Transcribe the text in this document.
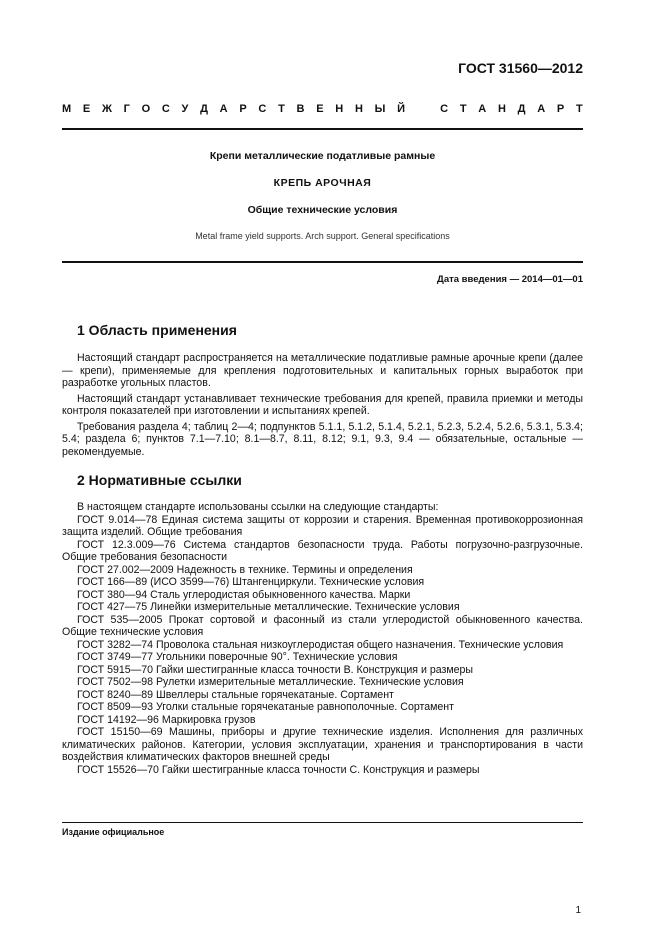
ГОСТ 31560—2012
М Е Ж Г О С У Д А Р С Т В Е Н Н Ы Й	С Т А Н Д А Р Т
Крепи металлические податливые рамные
КРЕПЬ АРОЧНАЯ
Общие технические условия
Metal frame yield supports. Arch support. General specifications
Дата введения — 2014—01—01
1 Область применения

Настоящий стандарт распространяется на металлические податливые рамные арочные крепи (далее — крепи), применяемые для крепления подготовительных и капитальных горных выработок при разработке угольных пластов.

Настоящий стандарт устанавливает технические требования для крепей, правила приемки и методы контроля показателей при изготовлении и испытаниях крепей.

Требования раздела 4; таблиц 2—4; подпунктов 5.1.1, 5.1.2, 5.1.4, 5.2.1, 5.2.3, 5.2.4, 5.2.6, 5.3.1, 5.3.4; 5.4; раздела 6; пунктов 7.1—7.10; 8.1—8.7, 8.11, 8.12; 9.1, 9.3, 9.4 — обязательные, остальные — рекомендуемые.

2 Нормативные ссылки

В настоящем стандарте использованы ссылки на следующие стандарты:

ГОСТ 9.014—78 Единая система защиты от коррозии и старения. Временная противокоррозионная защита изделий. Общие требования

ГОСТ 12.3.009—76 Система стандартов безопасности труда. Работы погрузочно-разгрузочные. Общие требования безопасности

ГОСТ 27.002—2009 Надежность в технике. Термины и определения

ГОСТ 166—89 (ИСО 3599—76) Штангенциркули. Технические условия

ГОСТ 380—94 Сталь углеродистая обыкновенного качества. Марки

ГОСТ 427—75 Линейки измерительные металлические. Технические условия

ГОСТ 535—2005 Прокат сортовой и фасонный из стали углеродистой обыкновенного качества. Общие технические условия

ГОСТ 3282—74 Проволока стальная низкоуглеродистая общего назначения. Технические условия

ГОСТ 3749—77 Угольники поверочные 90°. Технические условия

ГОСТ 5915—70 Гайки шестигранные класса точности В. Конструкция и размеры

ГОСТ 7502—98 Рулетки измерительные металлические. Технические условия

ГОСТ 8240—89 Швеллеры стальные горячекатаные. Сортамент

ГОСТ 8509—93 Уголки стальные горячекатаные равнополочные. Сортамент

ГОСТ 14192—96 Маркировка грузов

ГОСТ 15150—69 Машины, приборы и другие технические изделия. Исполнения для различных климатических районов. Категории, условия эксплуатации, хранения и транспортирования в части воздействия климатических факторов внешней среды

ГОСТ 15526—70 Гайки шестигранные класса точности С. Конструкция и размеры

Издание официальное
1
